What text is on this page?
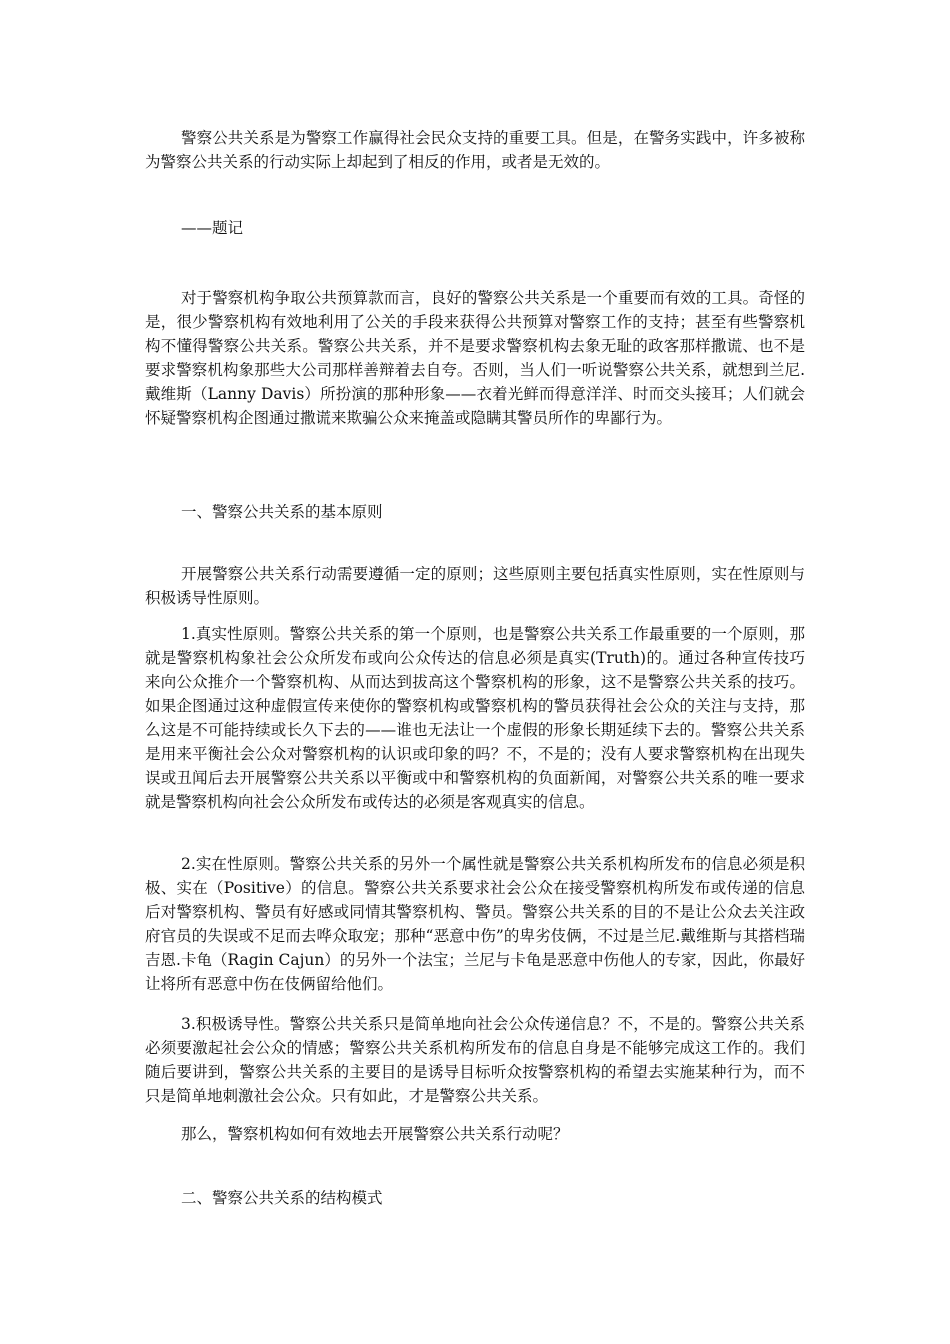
警察公共关系是为警察工作赢得社会民众支持的重要工具。但是，在警务实践中，许多被称为警察公共关系的行动实际上却起到了相反的作用，或者是无效的。

——题记

对于警察机构争取公共预算款而言，良好的警察公共关系是一个重要而有效的工具。奇怪的是，很少警察机构有效地利用了公关的手段来获得公共预算对警察工作的支持；甚至有些警察机构不懂得警察公共关系。警察公共关系，并不是要求警察机构去象无耻的政客那样撒谎、也不是要求警察机构象那些大公司那样善辩着去自夸。否则，当人们一听说警察公共关系，就想到兰尼.戴维斯（Lanny Davis）所扮演的那种形象——衣着光鲜而得意洋洋、时而交头接耳；人们就会怀疑警察机构企图通过撒谎来欺骗公众来掩盖或隐瞒其警员所作的卑鄙行为。

一、警察公共关系的基本原则

开展警察公共关系行动需要遵循一定的原则；这些原则主要包括真实性原则，实在性原则与积极诱导性原则。

1.真实性原则。警察公共关系的第一个原则，也是警察公共关系工作最重要的一个原则，那就是警察机构象社会公众所发布或向公众传达的信息必须是真实(Truth)的。通过各种宣传技巧来向公众推介一个警察机构、从而达到拔高这个警察机构的形象，这不是警察公共关系的技巧。如果企图通过这种虚假宣传来使你的警察机构或警察机构的警员获得社会公众的关注与支持，那么这是不可能持续或长久下去的——谁也无法让一个虚假的形象长期延续下去的。警察公共关系是用来平衡社会公众对警察机构的认识或印象的吗？不，不是的；没有人要求警察机构在出现失误或丑闻后去开展警察公共关系以平衡或中和警察机构的负面新闻，对警察公共关系的唯一要求就是警察机构向社会公众所发布或传达的必须是客观真实的信息。

2.实在性原则。警察公共关系的另外一个属性就是警察公共关系机构所发布的信息必须是积极、实在（Positive）的信息。警察公共关系要求社会公众在接受警察机构所发布或传递的信息后对警察机构、警员有好感或同情其警察机构、警员。警察公共关系的目的不是让公众去关注政府官员的失误或不足而去哗众取宠；那种“恶意中伤”的卑劣伎俩，不过是兰尼.戴维斯与其搭档瑞吉恩.卡龟（Ragin Cajun）的另外一个法宝；兰尼与卡龟是恶意中伤他人的专家，因此，你最好让将所有恶意中伤在伎俩留给他们。

3.积极诱导性。警察公共关系只是简单地向社会公众传递信息？不，不是的。警察公共关系必须要激起社会公众的情感；警察公共关系机构所发布的信息自身是不能够完成这工作的。我们随后要讲到，警察公共关系的主要目的是诱导目标听众按警察机构的希望去实施某种行为，而不只是简单地刺激社会公众。只有如此，才是警察公共关系。

那么，警察机构如何有效地去开展警察公共关系行动呢？

二、警察公共关系的结构模式
